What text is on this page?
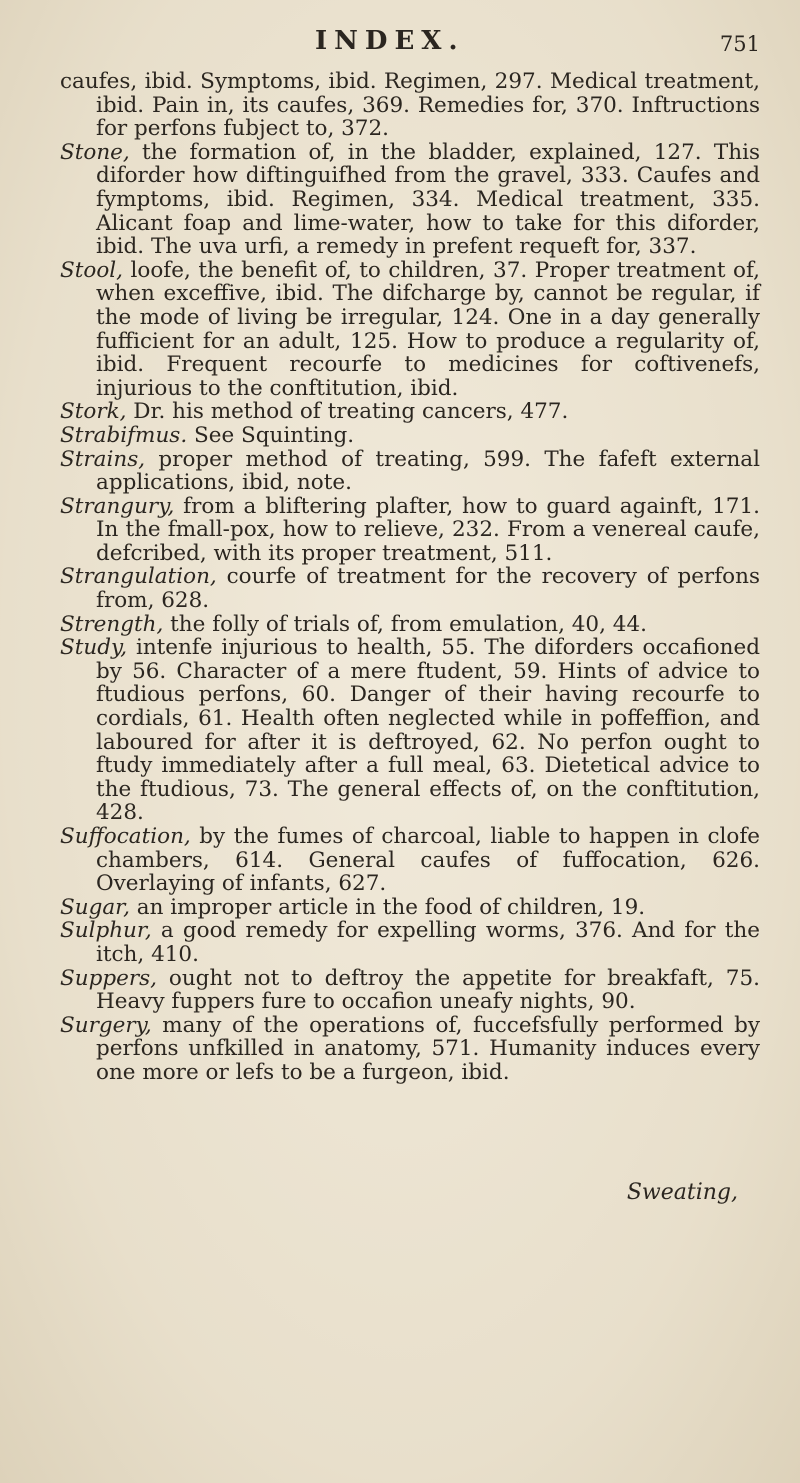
INDEX.	751

caufes, ibid. Symptoms, ibid. Regimen, 297. Medical treatment, ibid. Pain in, its caufes, 369. Remedies for, 370. Inftructions for perfons fubject to, 372.

Stone, the formation of, in the bladder, explained, 127. This diforder how diftinguifhed from the gravel, 333. Caufes and fymptoms, ibid. Regimen, 334. Medical treatment, 335. Alicant foap and lime-water, how to take for this diforder, ibid. The uva urfi, a remedy in prefent requeft for, 337.

Stool, loofe, the benefit of, to children, 37. Proper treatment of, when exceffive, ibid. The difcharge by, cannot be regular, if the mode of living be irregular, 124. One in a day generally fufficient for an adult, 125. How to produce a regularity of, ibid. Frequent recourfe to medicines for coftivenefs, injurious to the conftitution, ibid.

Stork, Dr. his method of treating cancers, 477.

Strabifmus. See Squinting.

Strains, proper method of treating, 599. The fafeft external applications, ibid, note.

Strangury, from a bliftering plafter, how to guard againft, 171. In the fmall-pox, how to relieve, 232. From a venereal caufe, defcribed, with its proper treatment, 511.

Strangulation, courfe of treatment for the recovery of perfons from, 628.

Strength, the folly of trials of, from emulation, 40, 44.

Study, intenfe injurious to health, 55. The diforders occafioned by 56. Character of a mere ftudent, 59. Hints of advice to ftudious perfons, 60. Danger of their having recourfe to cordials, 61. Health often neglected while in poffeffion, and laboured for after it is deftroyed, 62. No perfon ought to ftudy immediately after a full meal, 63. Dietetical advice to the ftudious, 73. The general effects of, on the conftitution, 428.

Suffocation, by the fumes of charcoal, liable to happen in clofe chambers, 614. General caufes of fuffocation, 626. Overlaying of infants, 627.

Sugar, an improper article in the food of children, 19.

Sulphur, a good remedy for expelling worms, 376. And for the itch, 410.

Suppers, ought not to deftroy the appetite for breakfaft, 75. Heavy fuppers fure to occafion uneafy nights, 90.

Surgery, many of the operations of, fuccefsfully performed by perfons unfkilled in anatomy, 571. Humanity induces every one more or lefs to be a furgeon, ibid.

Sweating,
